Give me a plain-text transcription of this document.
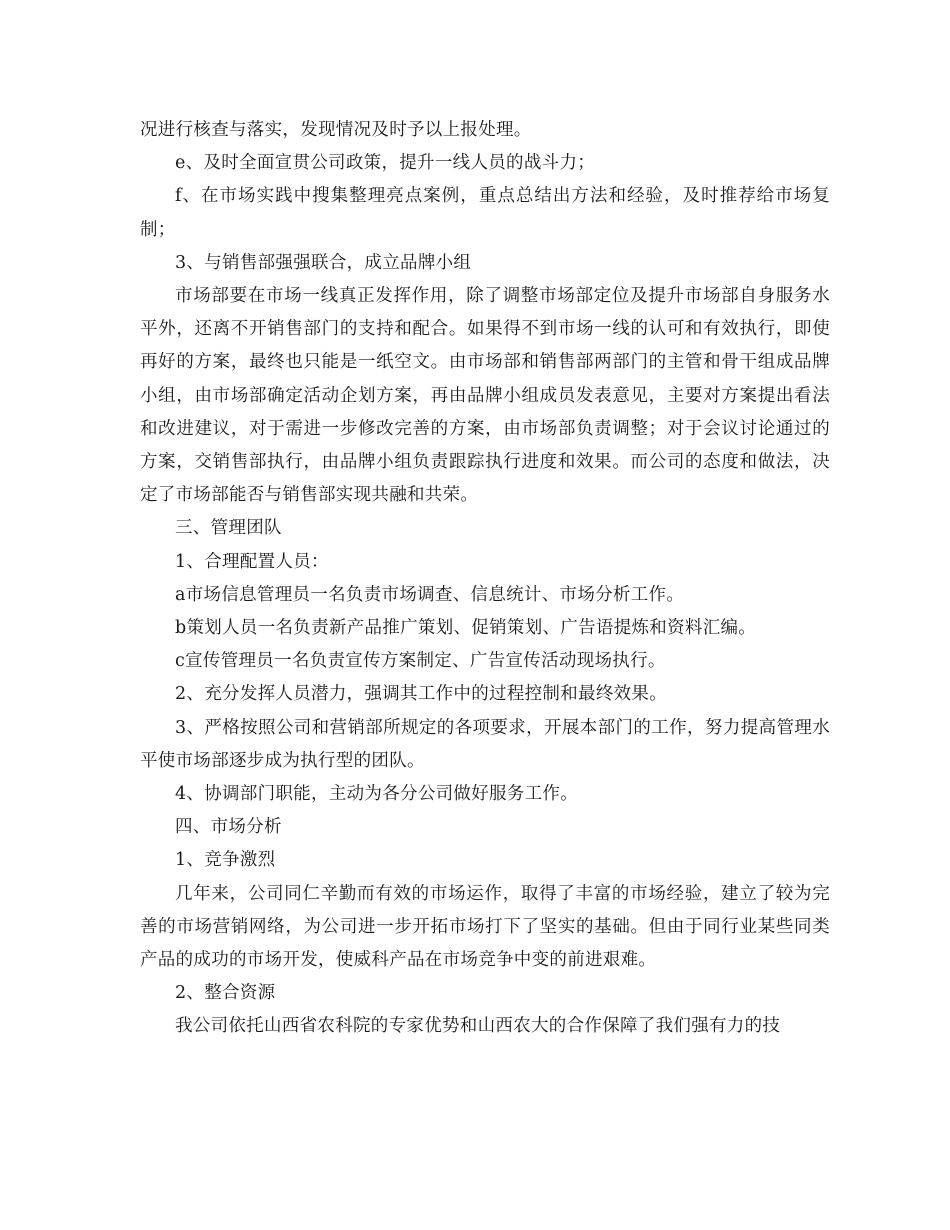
况进行核查与落实，发现情况及时予以上报处理。

e、及时全面宣贯公司政策，提升一线人员的战斗力；

f、在市场实践中搜集整理亮点案例，重点总结出方法和经验，及时推荐给市场复制；

3、与销售部强强联合，成立品牌小组

市场部要在市场一线真正发挥作用，除了调整市场部定位及提升市场部自身服务水平外，还离不开销售部门的支持和配合。如果得不到市场一线的认可和有效执行，即使再好的方案，最终也只能是一纸空文。由市场部和销售部两部门的主管和骨干组成品牌小组，由市场部确定活动企划方案，再由品牌小组成员发表意见，主要对方案提出看法和改进建议，对于需进一步修改完善的方案，由市场部负责调整；对于会议讨论通过的方案，交销售部执行，由品牌小组负责跟踪执行进度和效果。而公司的态度和做法，决定了市场部能否与销售部实现共融和共荣。

三、管理团队

1、合理配置人员：

a市场信息管理员一名负责市场调查、信息统计、市场分析工作。

b策划人员一名负责新产品推广策划、促销策划、广告语提炼和资料汇编。

c宣传管理员一名负责宣传方案制定、广告宣传活动现场执行。

2、充分发挥人员潜力，强调其工作中的过程控制和最终效果。

3、严格按照公司和营销部所规定的各项要求，开展本部门的工作，努力提高管理水平使市场部逐步成为执行型的团队。

4、协调部门职能，主动为各分公司做好服务工作。

四、市场分析

1、竞争激烈

几年来，公司同仁辛勤而有效的市场运作，取得了丰富的市场经验，建立了较为完善的市场营销网络，为公司进一步开拓市场打下了坚实的基础。但由于同行业某些同类产品的成功的市场开发，使威科产品在市场竞争中变的前进艰难。

2、整合资源

我公司依托山西省农科院的专家优势和山西农大的合作保障了我们强有力的技
